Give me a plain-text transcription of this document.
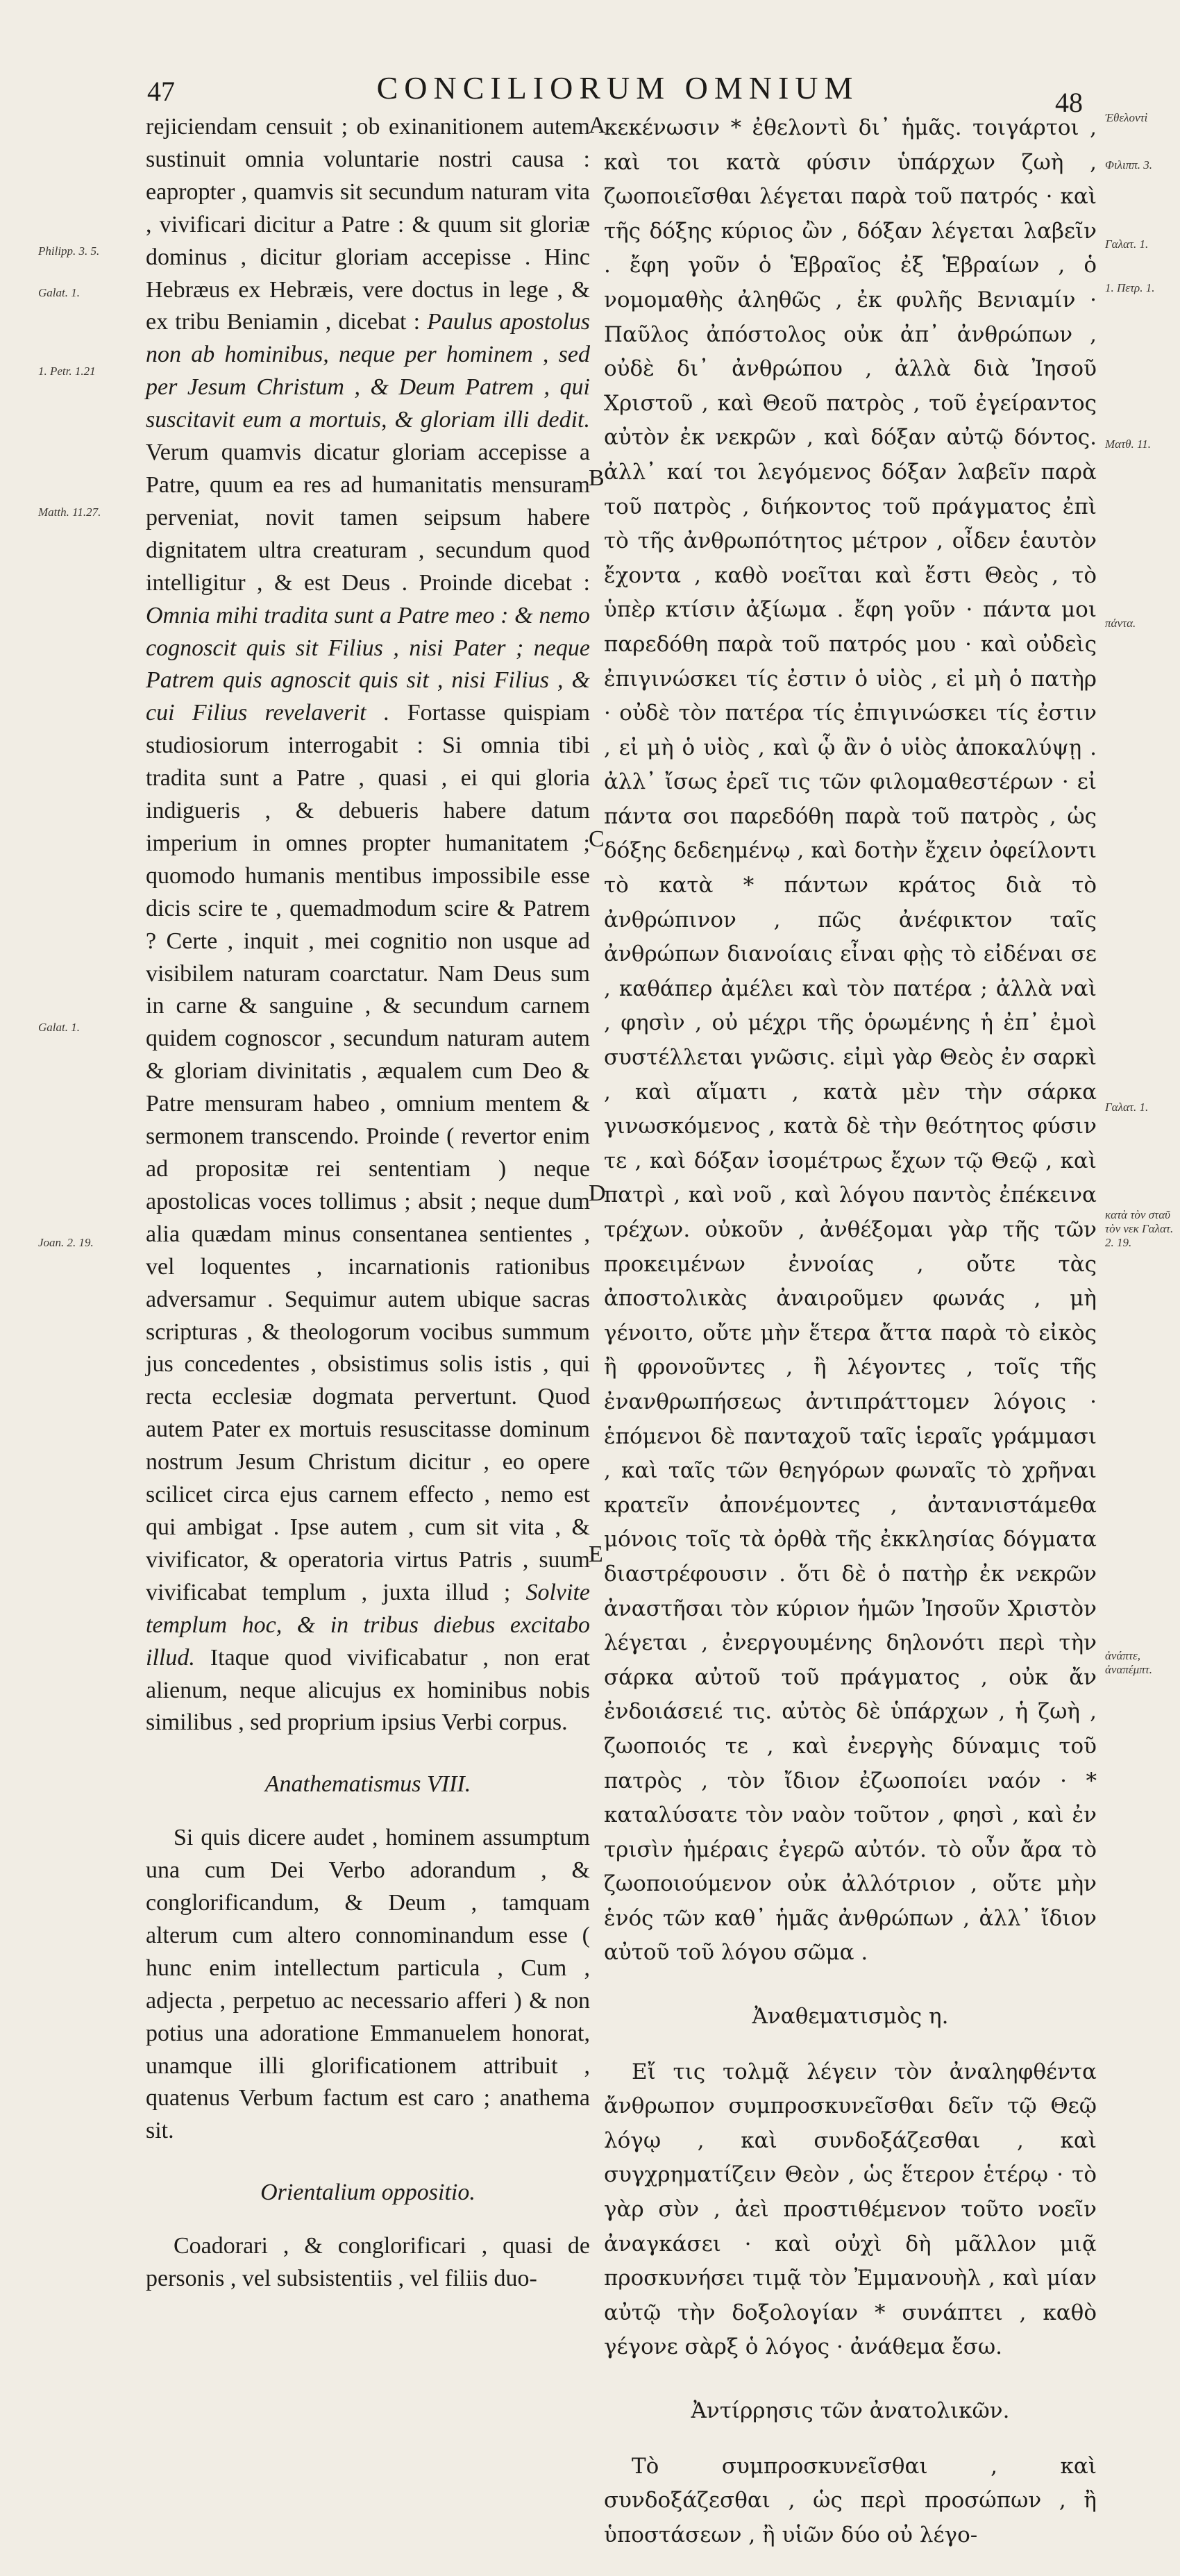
47	CONCILIORUM OMNIUM	48
Philipp. 3. 5.
Galat. 1.
1. Petr. 1.21
Matth. 11.27.
Galat. 1.
Joan. 2. 19.
Ἐθελοντὶ
Φιλιππ. 3.
Γαλατ. 1.
1. Πετρ. 1.
Ματθ. 11.
πάντα.
Γαλατ. 1.
κατὰ τὸν σταῦ τὸν νεκ Γαλατ. 2. 19.
ἀνάπτε, ἀναπέμπτ.
A
B
C
D
E

rejiciendam censuit ; ob exinanitionem autem sustinuit omnia voluntarie nostri causa : eapropter , quamvis sit secundum naturam vita , vivificari dicitur a Patre : & quum sit gloriæ dominus , dicitur gloriam accepisse . Hinc Hebræus ex Hebræis, vere doctus in lege , & ex tribu Beniamin , dicebat : Paulus apostolus non ab hominibus, neque per hominem , sed per Jesum Christum , & Deum Patrem , qui suscitavit eum a mortuis, & gloriam illi dedit. Verum quamvis dicatur gloriam accepisse a Patre, quum ea res ad humanitatis mensuram perveniat, novit tamen seipsum habere dignitatem ultra creaturam , secundum quod intelligitur , & est Deus . Proinde dicebat : Omnia mihi tradita sunt a Patre meo : & nemo cognoscit quis sit Filius , nisi Pater ; neque Patrem quis agnoscit quis sit , nisi Filius , & cui Filius revelaverit . Fortasse quispiam studiosiorum interrogabit : Si omnia tibi tradita sunt a Patre , quasi , ei qui gloria indigueris , & debueris habere datum imperium in omnes propter humanitatem ; quomodo humanis mentibus impossibile esse dicis scire te , quemadmodum scire & Patrem ? Certe , inquit , mei cognitio non usque ad visibilem naturam coarctatur. Nam Deus sum in carne & sanguine , & secundum carnem quidem cognoscor , secundum naturam autem & gloriam divinitatis , æqualem cum Deo & Patre mensuram habeo , omnium mentem & sermonem transcendo. Proinde ( revertor enim ad propositæ rei sententiam ) neque apostolicas voces tollimus ; absit ; neque dum alia quædam minus consentanea sentientes , vel loquentes , incarnationis rationibus adversamur . Sequimur autem ubique sacras scripturas , & theologorum vocibus summum jus concedentes , obsistimus solis istis , qui recta ecclesiæ dogmata pervertunt. Quod autem Pater ex mortuis resuscitasse dominum nostrum Jesum Christum dicitur , eo opere scilicet circa ejus carnem effecto , nemo est qui ambigat . Ipse autem , cum sit vita , & vivificator, & operatoria virtus Patris , suum vivificabat templum , juxta illud ; Solvite templum hoc, & in tribus diebus excitabo illud. Itaque quod vivificabatur , non erat alienum, neque alicujus ex hominibus nobis similibus , sed proprium ipsius Verbi corpus.

Anathematismus VIII.

Si quis dicere audet , hominem assumptum una cum Dei Verbo adorandum , & conglorificandum, & Deum , tamquam alterum cum altero connominandum esse ( hunc enim intellectum particula , Cum , adjecta , perpetuo ac necessario afferi ) & non potius una adoratione Emmanuelem honorat, unamque illi glorificationem attribuit , quatenus Verbum factum est caro ; anathema sit.

Orientalium oppositio.

Coadorari , & conglorificari , quasi de personis , vel subsistentiis , vel filiis duo-

κεκένωσιν * ἐθελοντὶ δι᾽ ἡμᾶς. τοιγάρτοι , καὶ τοι κατὰ φύσιν ὑπάρχων ζωὴ , ζωοποιεῖσθαι λέγεται παρὰ τοῦ πατρός · καὶ τῆς δόξης κύριος ὢν , δόξαν λέγεται λαβεῖν . ἔφη γοῦν ὁ Ἑβραῖος ἐξ Ἑβραίων , ὁ νομομαθὴς ἀληθῶς , ἐκ φυλῆς Βενιαμίν · Παῦλος ἀπόστολος οὐκ ἀπ᾽ ἀνθρώπων , οὐδὲ δι᾽ ἀνθρώπου , ἀλλὰ διὰ Ἰησοῦ Χριστοῦ , καὶ Θεοῦ πατρὸς , τοῦ ἐγείραντος αὐτὸν ἐκ νεκρῶν , καὶ δόξαν αὐτῷ δόντος. ἀλλ᾽ καί τοι λεγόμενος δόξαν λαβεῖν παρὰ τοῦ πατρὸς , διήκοντος τοῦ πράγματος ἐπὶ τὸ τῆς ἀνθρωπότητος μέτρον , οἶδεν ἑαυτὸν ἔχοντα , καθὸ νοεῖται καὶ ἔστι Θεὸς , τὸ ὑπὲρ κτίσιν ἀξίωμα . ἔφη γοῦν · πάντα μοι παρεδόθη παρὰ τοῦ πατρός μου · καὶ οὐδεὶς ἐπιγινώσκει τίς ἐστιν ὁ υἱὸς , εἰ μὴ ὁ πατὴρ · οὐδὲ τὸν πατέρα τίς ἐπιγινώσκει τίς ἐστιν , εἰ μὴ ὁ υἱὸς , καὶ ᾧ ἂν ὁ υἱὸς ἀποκαλύψῃ . ἀλλ᾽ ἴσως ἐρεῖ τις τῶν φιλομαθεστέρων · εἰ πάντα σοι παρεδόθη παρὰ τοῦ πατρὸς , ὡς δόξης δεδεημένῳ , καὶ δοτὴν ἔχειν ὀφείλοντι τὸ κατὰ * πάντων κράτος διὰ τὸ ἀνθρώπινον , πῶς ἀνέφικτον ταῖς ἀνθρώπων διανοίαις εἶναι φῂς τὸ εἰδέναι σε , καθάπερ ἀμέλει καὶ τὸν πατέρα ; ἀλλὰ ναὶ , φησὶν , οὐ μέχρι τῆς ὁρωμένης ἡ ἐπ᾽ ἐμοὶ συστέλλεται γνῶσις. εἰμὶ γὰρ Θεὸς ἐν σαρκὶ , καὶ αἵματι , κατὰ μὲν τὴν σάρκα γινωσκόμενος , κατὰ δὲ τὴν θεότητος φύσιν τε , καὶ δόξαν ἰσομέτρως ἔχων τῷ Θεῷ , καὶ πατρὶ , καὶ νοῦ , καὶ λόγου παντὸς ἐπέκεινα τρέχων. οὐκοῦν , ἀνθέξομαι γὰρ τῆς τῶν προκειμένων ἐννοίας , οὔτε τὰς ἀποστολικὰς ἀναιροῦμεν φωνάς , μὴ γένοιτο, οὔτε μὴν ἕτερα ἄττα παρὰ τὸ εἰκὸς ἢ φρονοῦντες , ἢ λέγοντες , τοῖς τῆς ἐνανθρωπήσεως ἀντιπράττομεν λόγοις · ἑπόμενοι δὲ πανταχοῦ ταῖς ἱεραῖς γράμμασι , καὶ ταῖς τῶν θεηγόρων φωναῖς τὸ χρῆναι κρατεῖν ἀπονέμοντες , ἀντανιστάμεθα μόνοις τοῖς τὰ ὀρθὰ τῆς ἐκκλησίας δόγματα διαστρέφουσιν . ὅτι δὲ ὁ πατὴρ ἐκ νεκρῶν ἀναστῆσαι τὸν κύριον ἡμῶν Ἰησοῦν Χριστὸν λέγεται , ἐνεργουμένης δηλονότι περὶ τὴν σάρκα αὐτοῦ τοῦ πράγματος , οὐκ ἄν ἐνδοιάσειέ τις. αὐτὸς δὲ ὑπάρχων , ἡ ζωὴ , ζωοποιός τε , καὶ ἐνεργὴς δύναμις τοῦ πατρὸς , τὸν ἴδιον ἐζωοποίει ναόν · * καταλύσατε τὸν ναὸν τοῦτον , φησὶ , καὶ ἐν τρισὶν ἡμέραις ἐγερῶ αὐτόν. τὸ οὖν ἄρα τὸ ζωοποιούμενον οὐκ ἀλλότριον , οὔτε μὴν ἑνός τῶν καθ᾽ ἡμᾶς ἀνθρώπων , ἀλλ᾽ ἴδιον αὐτοῦ τοῦ λόγου σῶμα .

Ἀναθεματισμὸς η.

Εἴ τις τολμᾷ λέγειν τὸν ἀναληφθέντα ἄνθρωπον συμπροσκυνεῖσθαι δεῖν τῷ Θεῷ λόγῳ , καὶ συνδοξάζεσθαι , καὶ συγχρηματίζειν Θεὸν , ὡς ἕτερον ἑτέρῳ · τὸ γὰρ σὺν , ἀεὶ προστιθέμενον τοῦτο νοεῖν ἀναγκάσει · καὶ οὐχὶ δὴ μᾶλλον μιᾷ προσκυνήσει τιμᾷ τὸν Ἐμμανουὴλ , καὶ μίαν αὐτῷ τὴν δοξολογίαν * συνάπτει , καθὸ γέγονε σὰρξ ὁ λόγος · ἀνάθεμα ἔσω.

Ἀντίρρησις τῶν ἀνατολικῶν.

Τὸ συμπροσκυνεῖσθαι , καὶ συνδοξάζεσθαι , ὡς περὶ προσώπων , ἢ ὑποστάσεων , ἢ υἱῶν δύο οὐ λέγο-
